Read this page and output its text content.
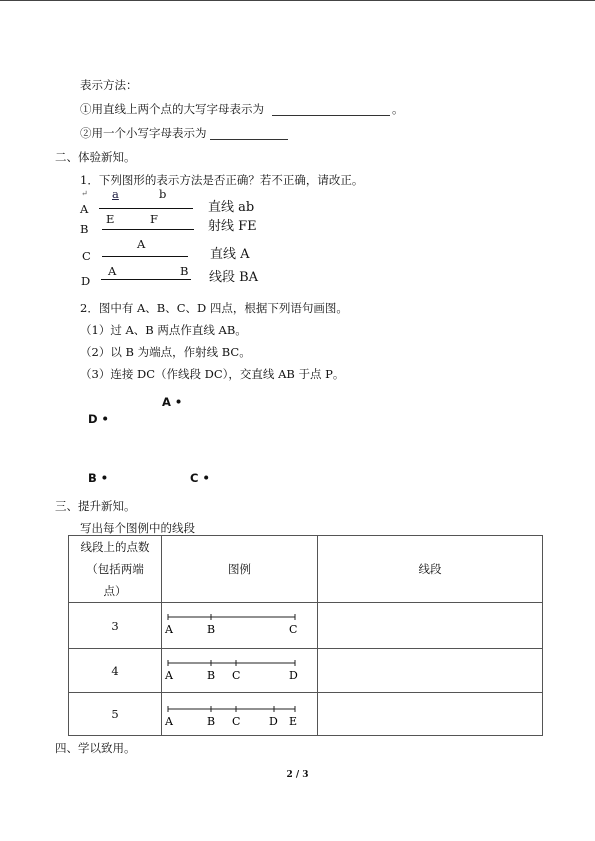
表示方法：
①用直线上两个点的大写字母表示为	。
②用一个小写字母表示为
二、体验新知。
1．下列图形的表示方法是否正确？若不正确，请改正。
↵ a	b
A	直线 ab
E	F
B	射线 FE
A
C	直线 A
A	B
D	线段 BA
2．图中有 A、B、C、D 四点，根据下列语句画图。
（1）过 A、B 两点作直线 AB。
（2）以 B 为端点，作射线 BC。
（3）连接 DC（作线段 DC），交直线 AB 于点 P。
A •
D •
B •	C •
三、提升新知。
写出每个图例中的线段
线段上的点数
（包括两端
点）	图例	线段
3	A B C	

4	A B C D	

5	A B C D E	

四、学以致用。
2 / 3
